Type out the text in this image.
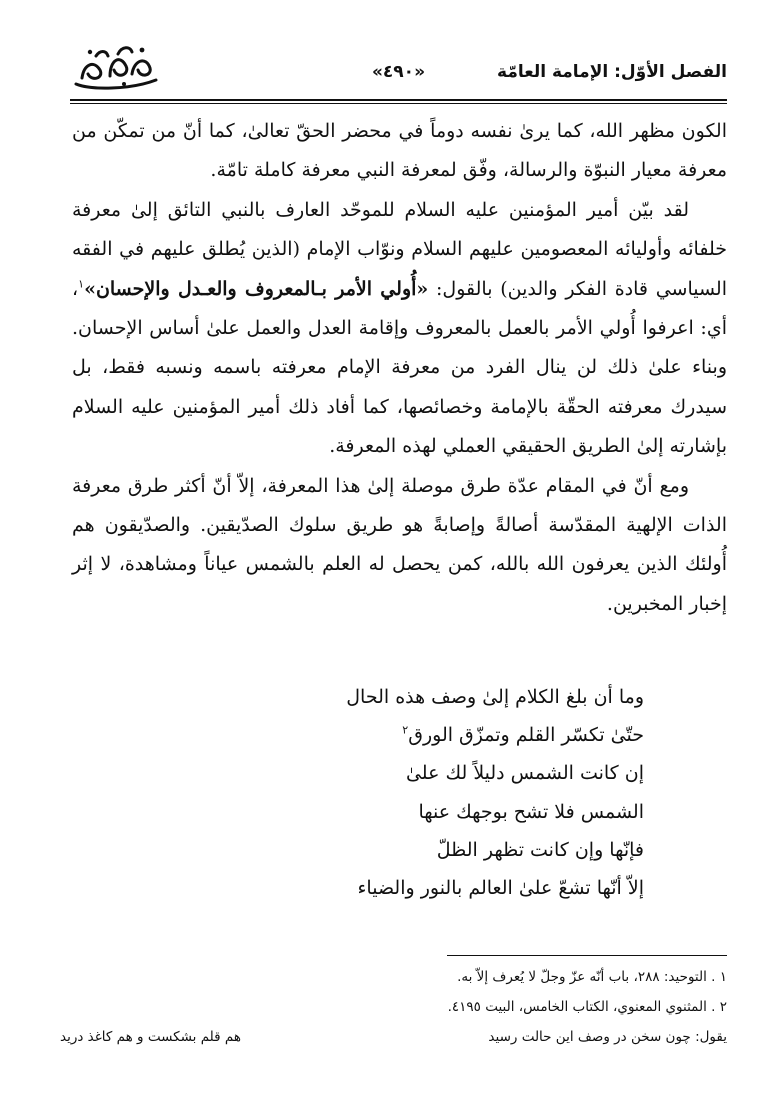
الفصل الأوّل: الإمامة العامّة
«٤٩٠»

الكون مظهر الله، كما يرىٰ نفسه دوماً في محضر الحقّ تعالىٰ، كما أنّ من تمكّن من معرفة معيار النبوّة والرسالة، وفّق لمعرفة النبي معرفة كاملة تامّة.

لقد بيّن أمير المؤمنين عليه السلام للموحّد العارف بالنبي التائق إلىٰ معرفة خلفائه وأوليائه المعصومين عليهم السلام ونوّاب الإمام (الذين يُطلق عليهم في الفقه السياسي قادة الفكر والدين) بالقول: «أُولي الأمر بـالمعروف والعـدل والإحسان»$^١$، أي: اعرفوا أُولي الأمر بالعمل بالمعروف وإقامة العدل والعمل علىٰ أساس الإحسان. وبناء علىٰ ذلك لن ينال الفرد من معرفة الإمام معرفته باسمه ونسبه فقط، بل سيدرك معرفته الحقّة بالإمامة وخصائصها، كما أفاد ذلك أمير المؤمنين عليه السلام بإشارته إلىٰ الطريق الحقيقي العملي لهذه المعرفة.

ومع أنّ في المقام عدّة طرق موصلة إلىٰ هذا المعرفة، إلاّ أنّ أكثر طرق معرفة الذات الإلهية المقدّسة أصالةً وإصابةً هو طريق سلوك الصدّيقين. والصدّيقون هم أُولئك الذين يعرفون الله بالله، كمن يحصل له العلم بالشمس عياناً ومشاهدة، لا إثر إخبار المخبرين.

وما أن بلغ الكلام إلىٰ وصف هذه الحال
حتّىٰ تكسّر القلم وتمزّق الورق$^٢$
إن كانت الشمس دليلاً لك علىٰ
الشمس فلا تشح بوجهك عنها
فإنّها وإن كانت تظهر الظلّ
إلاّ أنّها تشعّ علىٰ العالم بالنور والضياء
١ . التوحيد: ٢٨٨، باب أنّه عزّ وجلّ لا يُعرف إلاّ به.
٢ . المثنوي المعنوي، الكتاب الخامس، البيت ٤١٩٥.
يقول: چون سخن در وصف اين حالت رسيد
هم قلم بشكست و هم كاغذ دريد
